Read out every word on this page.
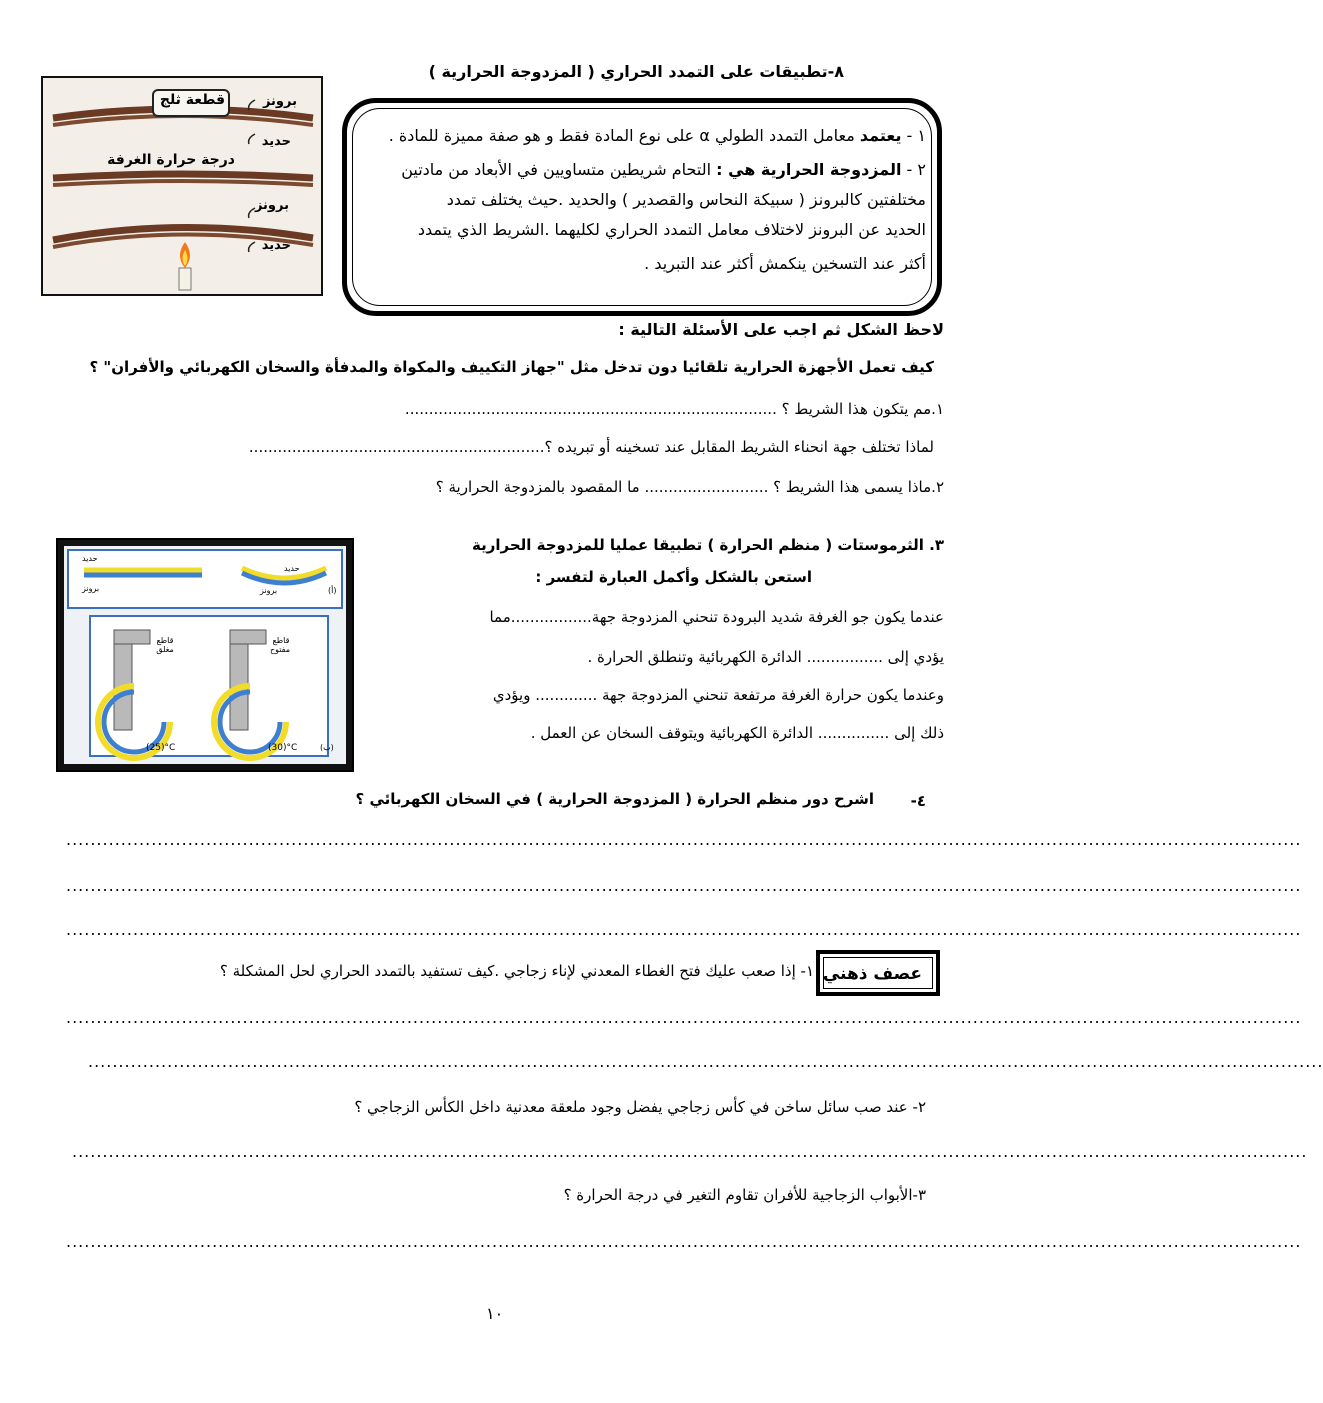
٨-تطبيقات على التمدد الحراري ( المزدوجة الحرارية )
برونز
قطعة ثلج
حديد
درجة حرارة الغرفة
برونز
حديد
١ - يعتمد معامل التمدد الطولي α على نوع المادة فقط و هو صفة مميزة للمادة .
٢ - المزدوجة الحرارية هي : التحام شريطين متساويين في الأبعاد من مادتين
مختلفتين كالبرونز ( سبيكة النحاس والقصدير ) والحديد .حيث يختلف تمدد
الحديد عن البرونز لاختلاف معامل التمدد الحراري لكليهما .الشريط الذي يتمدد
أكثر عند التسخين ينكمش أكثر عند التبريد .
لاحظ الشكل ثم اجب على الأسئلة التالية :
كيف تعمل الأجهزة الحرارية تلقائيا دون تدخل مثل "جهاز التكييف والمكواة والمدفأة والسخان الكهربائي والأفران" ؟
١.مم يتكون هذا الشريط ؟ ..............................................................................
لماذا تختلف جهة انحناء الشريط المقابل عند تسخينه أو تبريده ؟..............................................................
٢.ماذا يسمى هذا الشريط ؟ .......................... ما المقصود بالمزدوجة الحرارية ؟
٣. الثرموستات ( منظم الحرارة ) تطبيقا عمليا للمزدوجة الحرارية
استعن بالشكل وأكمل العبارة لتفسر :
عندما يكون جو الغرفة شديد البرودة تنحني المزدوجة جهة.................مما
يؤدي إلى ................ الدائرة الكهربائية وتنطلق الحرارة .
وعندما يكون حرارة الغرفة مرتفعة تنحني المزدوجة جهة ............. ويؤدي
ذلك إلى ............... الدائرة الكهربائية ويتوقف السخان عن العمل .
حديد
برونز
حديد
برونز	(أ)
قاطع مغلق
قاطع مفتوح
(25)°C	(30)°C	(ب)
٤-
اشرح دور منظم الحرارة ( المزدوجة الحرارية ) في السخان الكهربائي ؟
...........................................................................................................................................................................................................
...........................................................................................................................................................................................................
...........................................................................................................................................................................................................
عصف ذهني
١- إذا صعب عليك فتح الغطاء المعدني لإناء زجاجي .كيف تستفيد بالتمدد الحراري لحل المشكلة ؟
...........................................................................................................................................................................................................
...........................................................................................................................................................................................................
٢- عند صب سائل ساخن في كأس زجاجي يفضل وجود ملعقة معدنية داخل الكأس الزجاجي ؟
...........................................................................................................................................................................................................
٣-الأبواب الزجاجية للأفران تقاوم التغير في درجة الحرارة ؟
...........................................................................................................................................................................................................
١٠
